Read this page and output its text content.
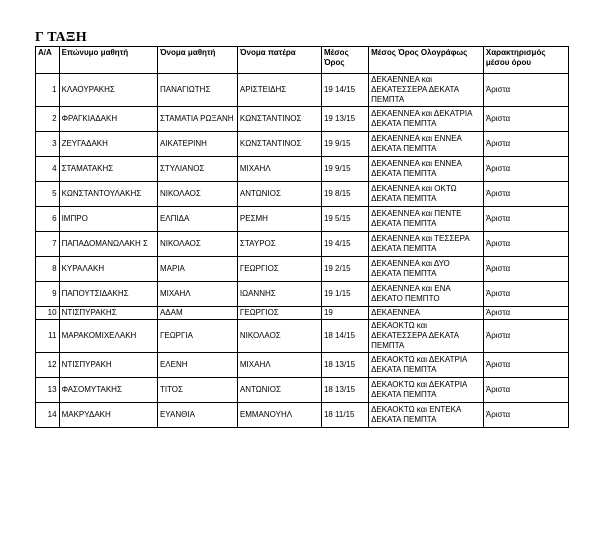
Γ ΤΑΞΗ
Α/Α	Επώνυμο μαθητή	Όνομα μαθητή	Όνομα πατέρα	Μέσος Όρος	Μέσος Όρος Ολογράφως	Χαρακτηρισμός μέσου όρου
1	ΚΛΑΟΥΡΑΚΗΣ	ΠΑΝΑΓΙΩΤΗΣ	ΑΡΙΣΤΕΙΔΗΣ	19 14/15	ΔΕΚΑΕΝΝΕΑ και ΔΕΚΑΤΕΣΣΕΡΑ ΔΕΚΑΤΑ ΠΕΜΠΤΑ	Άριστα
2	ΦΡΑΓΚΙΑΔΑΚΗ	ΣΤΑΜΑΤΙΑ ΡΩΞΑΝΗ	ΚΩΝΣΤΑΝΤΙΝΟΣ	19 13/15	ΔΕΚΑΕΝΝΕΑ και ΔΕΚΑΤΡΙΑ ΔΕΚΑΤΑ ΠΕΜΠΤΑ	Άριστα
3	ΖΕΥΓΑΔΑΚΗ	ΑΙΚΑΤΕΡΙΝΗ	ΚΩΝΣΤΑΝΤΙΝΟΣ	19 9/15	ΔΕΚΑΕΝΝΕΑ και ΕΝΝΕΑ ΔΕΚΑΤΑ ΠΕΜΠΤΑ	Άριστα
4	ΣΤΑΜΑΤΑΚΗΣ	ΣΤΥΛΙΑΝΟΣ	ΜΙΧΑΗΛ	19 9/15	ΔΕΚΑΕΝΝΕΑ και ΕΝΝΕΑ ΔΕΚΑΤΑ ΠΕΜΠΤΑ	Άριστα
5	ΚΩΝΣΤΑΝΤΟΥΛΑΚΗΣ	ΝΙΚΟΛΑΟΣ	ΑΝΤΩΝΙΟΣ	19 8/15	ΔΕΚΑΕΝΝΕΑ και ΟΚΤΩ ΔΕΚΑΤΑ ΠΕΜΠΤΑ	Άριστα
6	ΙΜΠΡΟ	ΕΛΠΙΔΑ	ΡΕΣΜΗ	19 5/15	ΔΕΚΑΕΝΝΕΑ και ΠΕΝΤΕ ΔΕΚΑΤΑ ΠΕΜΠΤΑ	Άριστα
7	ΠΑΠΑΔΟΜΑΝΩΛΑΚΗ Σ	ΝΙΚΟΛΑΟΣ	ΣΤΑΥΡΟΣ	19 4/15	ΔΕΚΑΕΝΝΕΑ και ΤΕΣΣΕΡΑ ΔΕΚΑΤΑ ΠΕΜΠΤΑ	Άριστα
8	ΚΥΡΑΛΑΚΗ	ΜΑΡΙΑ	ΓΕΩΡΓΙΟΣ	19 2/15	ΔΕΚΑΕΝΝΕΑ και ΔΥΟ ΔΕΚΑΤΑ ΠΕΜΠΤΑ	Άριστα
9	ΠΑΠΟΥΤΣΙΔΑΚΗΣ	ΜΙΧΑΗΛ	ΙΩΑΝΝΗΣ	19 1/15	ΔΕΚΑΕΝΝΕΑ και ΕΝΑ ΔΕΚΑΤΟ ΠΕΜΠΤΟ	Άριστα
10	ΝΤΙΣΠΥΡΑΚΗΣ	ΑΔΑΜ	ΓΕΩΡΓΙΟΣ	19	ΔΕΚΑΕΝΝΕΑ	Άριστα
11	ΜΑΡΑΚΟΜΙΧΕΛΑΚΗ	ΓΕΩΡΓΙΑ	ΝΙΚΟΛΑΟΣ	18 14/15	ΔΕΚΑΟΚΤΩ και ΔΕΚΑΤΕΣΣΕΡΑ ΔΕΚΑΤΑ ΠΕΜΠΤΑ	Άριστα
12	ΝΤΙΣΠΥΡΑΚΗ	ΕΛΕΝΗ	ΜΙΧΑΗΛ	18 13/15	ΔΕΚΑΟΚΤΩ και ΔΕΚΑΤΡΙΑ ΔΕΚΑΤΑ ΠΕΜΠΤΑ	Άριστα
13	ΦΑΣΟΜΥΤΑΚΗΣ	ΤΙΤΟΣ	ΑΝΤΩΝΙΟΣ	18 13/15	ΔΕΚΑΟΚΤΩ και ΔΕΚΑΤΡΙΑ ΔΕΚΑΤΑ ΠΕΜΠΤΑ	Άριστα
14	ΜΑΚΡΥΔΑΚΗ	ΕΥΑΝΘΙΑ	ΕΜΜΑΝΟΥΗΛ	18 11/15	ΔΕΚΑΟΚΤΩ και ΕΝΤΕΚΑ ΔΕΚΑΤΑ ΠΕΜΠΤΑ	Άριστα
